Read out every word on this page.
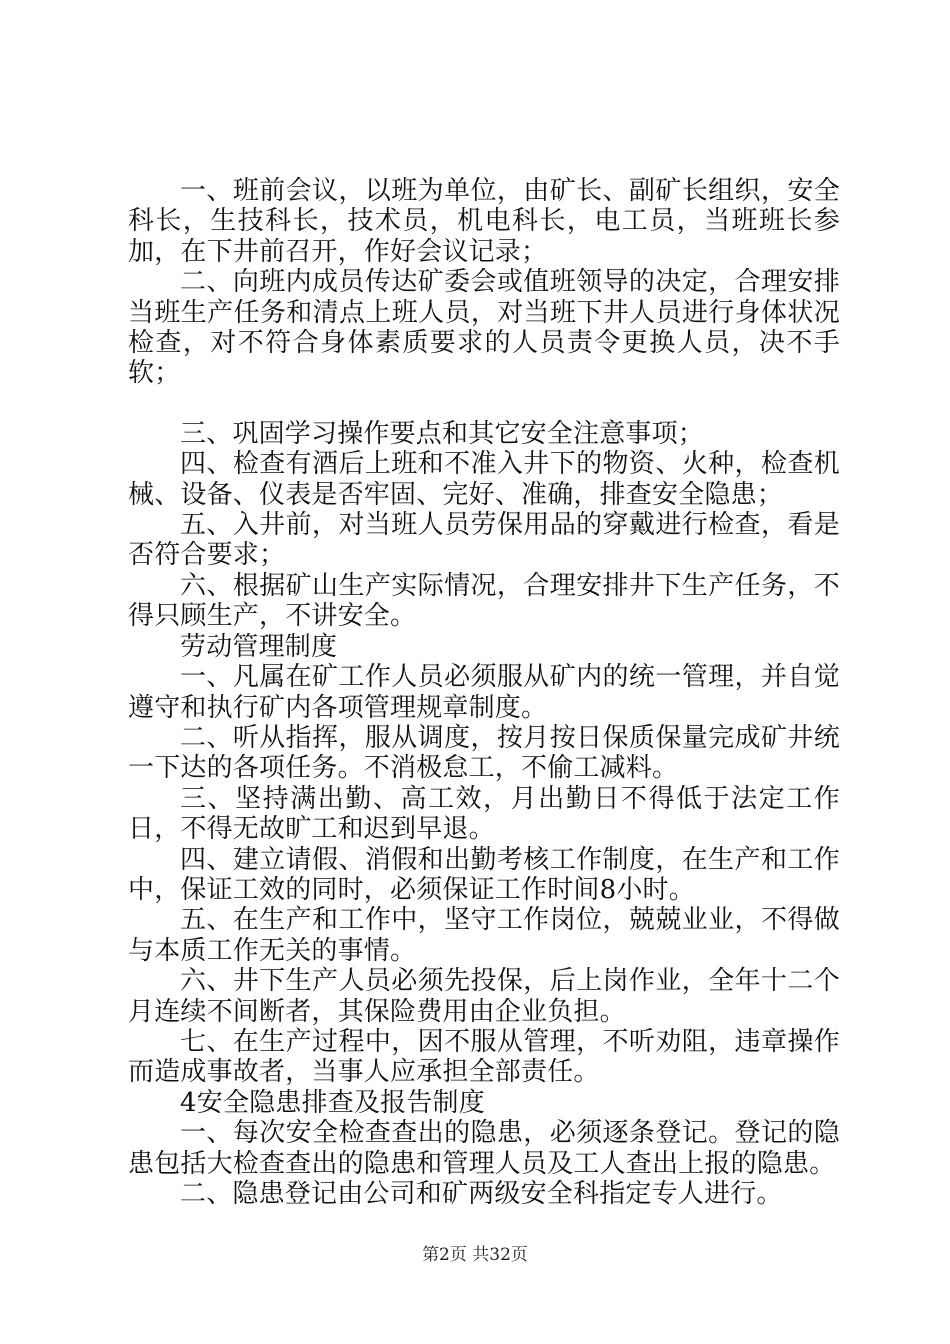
一、班前会议，以班为单位，由矿长、副矿长组织，安全科长，生技科长，技术员，机电科长，电工员，当班班长参加，在下井前召开，作好会议记录；

二、向班内成员传达矿委会或值班领导的决定，合理安排当班生产任务和清点上班人员，对当班下井人员进行身体状况检查，对不符合身体素质要求的人员责令更换人员，决不手软；

三、巩固学习操作要点和其它安全注意事项；

四、检查有酒后上班和不准入井下的物资、火种，检查机械、设备、仪表是否牢固、完好、准确，排查安全隐患；

五、入井前，对当班人员劳保用品的穿戴进行检查，看是否符合要求；

六、根据矿山生产实际情况，合理安排井下生产任务，不得只顾生产，不讲安全。

劳动管理制度

一、凡属在矿工作人员必须服从矿内的统一管理，并自觉遵守和执行矿内各项管理规章制度。

二、听从指挥，服从调度，按月按日保质保量完成矿井统一下达的各项任务。不消极怠工，不偷工减料。

三、坚持满出勤、高工效，月出勤日不得低于法定工作日，不得无故旷工和迟到早退。

四、建立请假、消假和出勤考核工作制度，在生产和工作中，保证工效的同时，必须保证工作时间8小时。

五、在生产和工作中，坚守工作岗位，兢兢业业，不得做与本质工作无关的事情。

六、井下生产人员必须先投保，后上岗作业，全年十二个月连续不间断者，其保险费用由企业负担。

七、在生产过程中，因不服从管理，不听劝阻，违章操作而造成事故者，当事人应承担全部责任。

4安全隐患排查及报告制度

一、每次安全检查查出的隐患，必须逐条登记。登记的隐患包括大检查查出的隐患和管理人员及工人查出上报的隐患。

二、隐患登记由公司和矿两级安全科指定专人进行。

第2页 共32页
